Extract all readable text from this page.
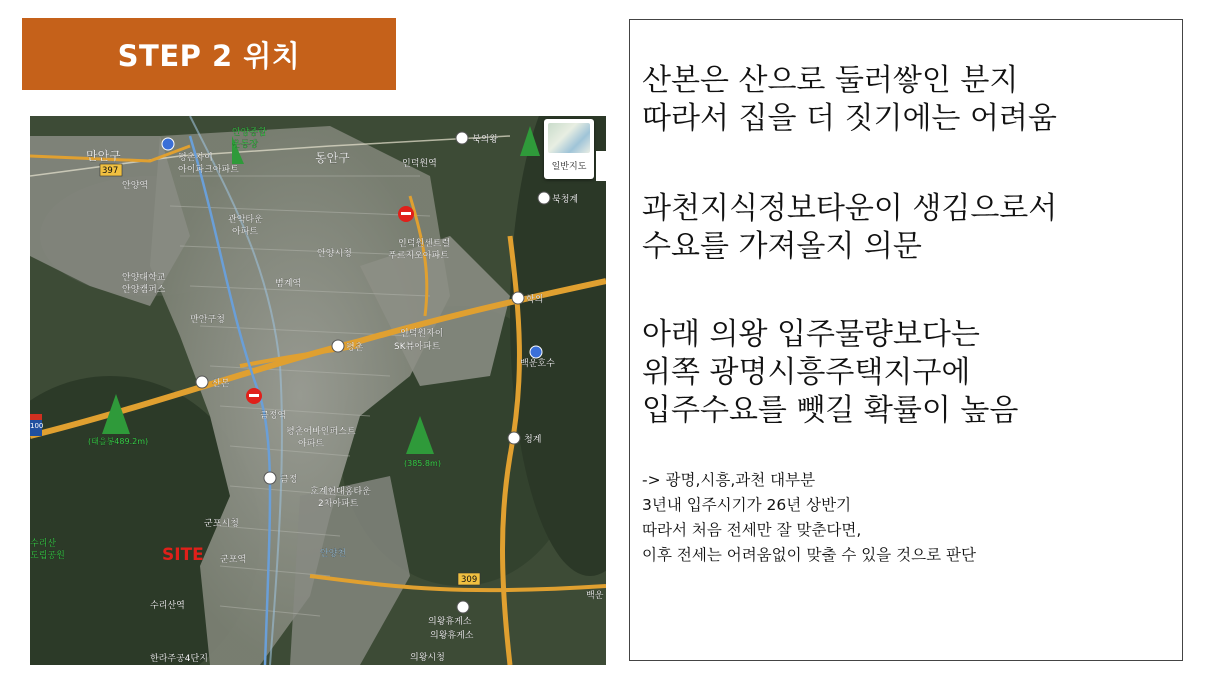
STEP 2 위치
397
안양역
만안구	평촌자이
아이파크아파트
안양종합
운동장
동안구	인덕원역
북의왕
북청계
관악타운
아파트
안양시청
인덕원센트럴
푸르지오아파트
안양대학교
안양캠퍼스
범계역
만안구청
학의
인덕원자이
SK뷰아파트
평촌
산본
금정역
평촌어바인퍼스트
아파트
(태을봉489.2m)
백운호수
청계
(385.8m)
금정
호계현대홈타운
2차아파트
군포시청
수리산
도립공원	군포역
안양천
309
수리산역
의왕휴게소
의왕휴게소
한라주공4단지	의왕시청
100
백운
SITE
일반지도
산본은 산으로 둘러쌓인 분지
따라서 집을 더 짓기에는 어려움
과천지식정보타운이 생김으로서
수요를 가져올지 의문
아래 의왕 입주물량보다는
위쪽 광명시흥주택지구에
입주수요를 뺏길 확률이 높음
-> 광명,시흥,과천 대부분
3년내 입주시기가 26년 상반기
따라서 처음 전세만 잘 맞춘다면,
이후 전세는 어려움없이 맞출 수 있을 것으로 판단
